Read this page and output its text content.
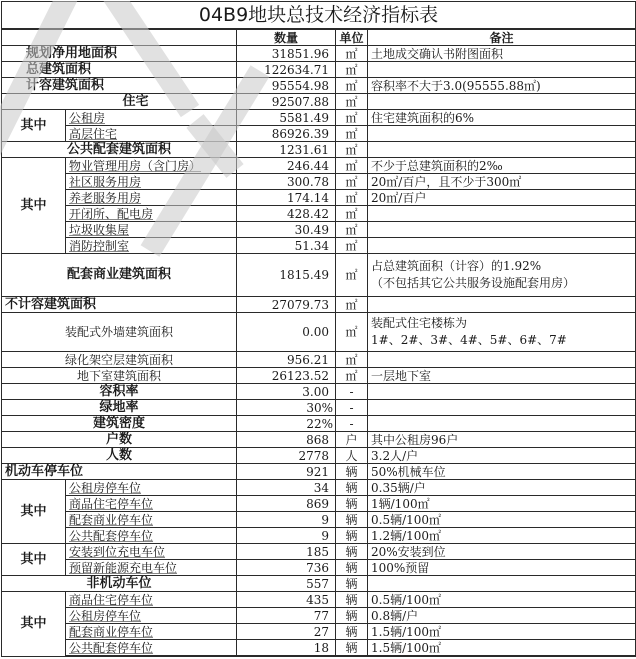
04B9地块总技术经济指标表				
		数量	单位	备注
规划净用地面积		31851.96	㎡	土地成交确认书附图面积
总建筑面积		122634.71	㎡	
计容建筑面积		95554.98	㎡	容积率不大于3.0(95555.88㎡)
住宅		92507.88	㎡	
其中	公租房	5581.49	㎡	住宅建筑面积的6%
	高层住宅	86926.39	㎡	
公共配套建筑面积		1231.61	㎡	
其中	物业管理用房（含门房）	246.44	㎡	不少于总建筑面积的2‰
	社区服务用房	300.78	㎡	20㎡/百户，且不少于300㎡
	养老服务用房	174.14	㎡	20㎡/百户
	开闭所、配电房	428.42	㎡	
	垃圾收集屋	30.49	㎡	
	消防控制室	51.34	㎡	
配套商业建筑面积		1815.49	㎡	占总建筑面积（计容）的1.92%
（不包括其它公共服务设施配套用房）

不计容建筑面积		27079.73	㎡	
装配式外墙建筑面积		0.00	㎡	装配式住宅楼栋为
1#、2#、3#、4#、5#、6#、7#

绿化架空层建筑面积		956.21	㎡	
地下室建筑面积		26123.52	㎡	一层地下室
容积率		3.00	-	
绿地率		30%	-	
建筑密度		22%	-	
户数		868	户	其中公租房96户
人数		2778	人	3.2人/户
机动车停车位		921	辆	50%机械车位
其中	公租房停车位	34	辆	0.35辆/户
	商品住宅停车位	869	辆	1辆/100㎡
	配套商业停车位	9	辆	0.5辆/100㎡
	公共配套停车位	9	辆	1.2辆/100㎡
其中	安装到位充电车位	185	辆	20%安装到位
	预留新能源充电车位	736	辆	100%预留
非机动车位		557	辆	
其中	商品住宅停车位	435	辆	0.5辆/100㎡
	公租房停车位	77	辆	0.8辆/户
	配套商业停车位	27	辆	1.5辆/100㎡
	公共配套停车位	18	辆	1.5辆/100㎡
